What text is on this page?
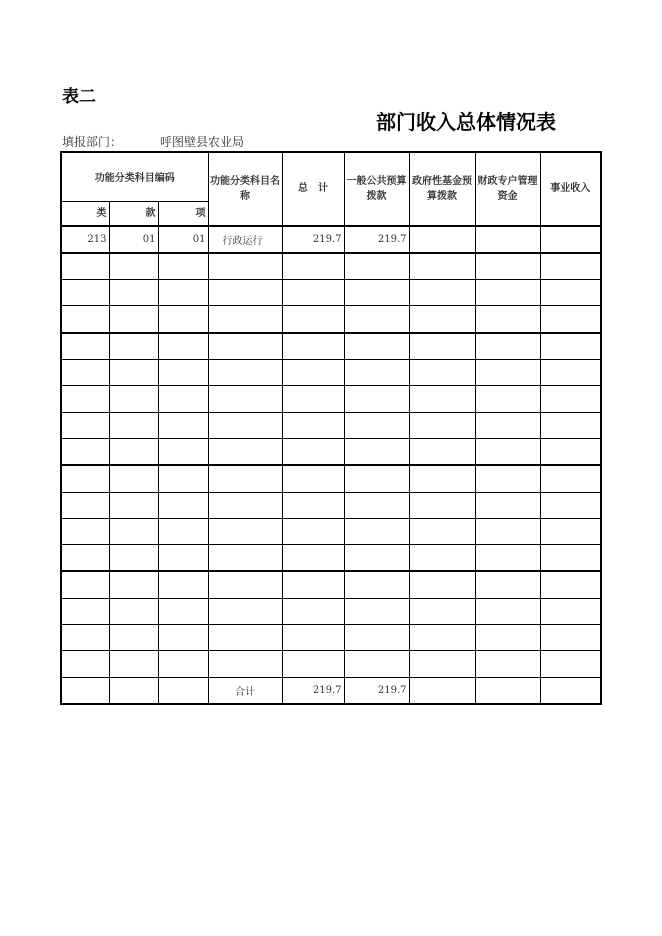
表二
部门收入总体情况表
填报部门：	呼图壁县农业局
功能分类科目编码			功能分类科目名称	总　计	一般公共预算拨款	政府性基金预算拨款	财政专户管理资金	事业收入
类	款	项						
213	01	01	行政运行	219.7	219.7			

			合计	219.7	219.7			
